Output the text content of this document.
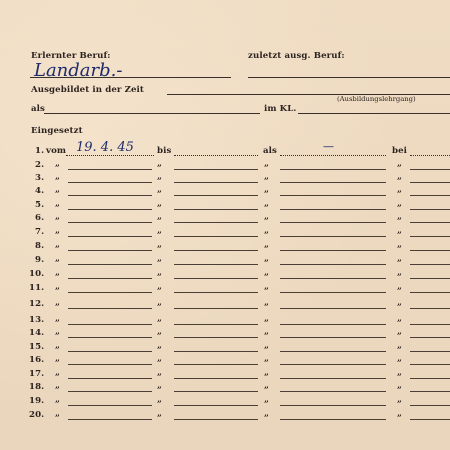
Erlernter Beruf:	zuletzt ausg. Beruf:
Landarb.-
Ausgebildet in der Zeit
(Ausbildungslehrgang)
als	im KL.
Eingesetzt
1. vom 19. 4. 45	bis	als	—	bei
2. „	„	„	„
3. „	„	„	„
4. „	„	„	„
5. „	„	„	„
6. „	„	„	„
7. „	„	„	„
8. „	„	„	„
9. „	„	„	„
10. „	„	„	„
11. „	„	„	„
12. „	„	„	„
13. „	„	„	„
14. „	„	„	„
15. „	„	„	„
16. „	„	„	„
17. „	„	„	„
18. „	„	„	„
19. „	„	„	„
20. „	„	„	„
